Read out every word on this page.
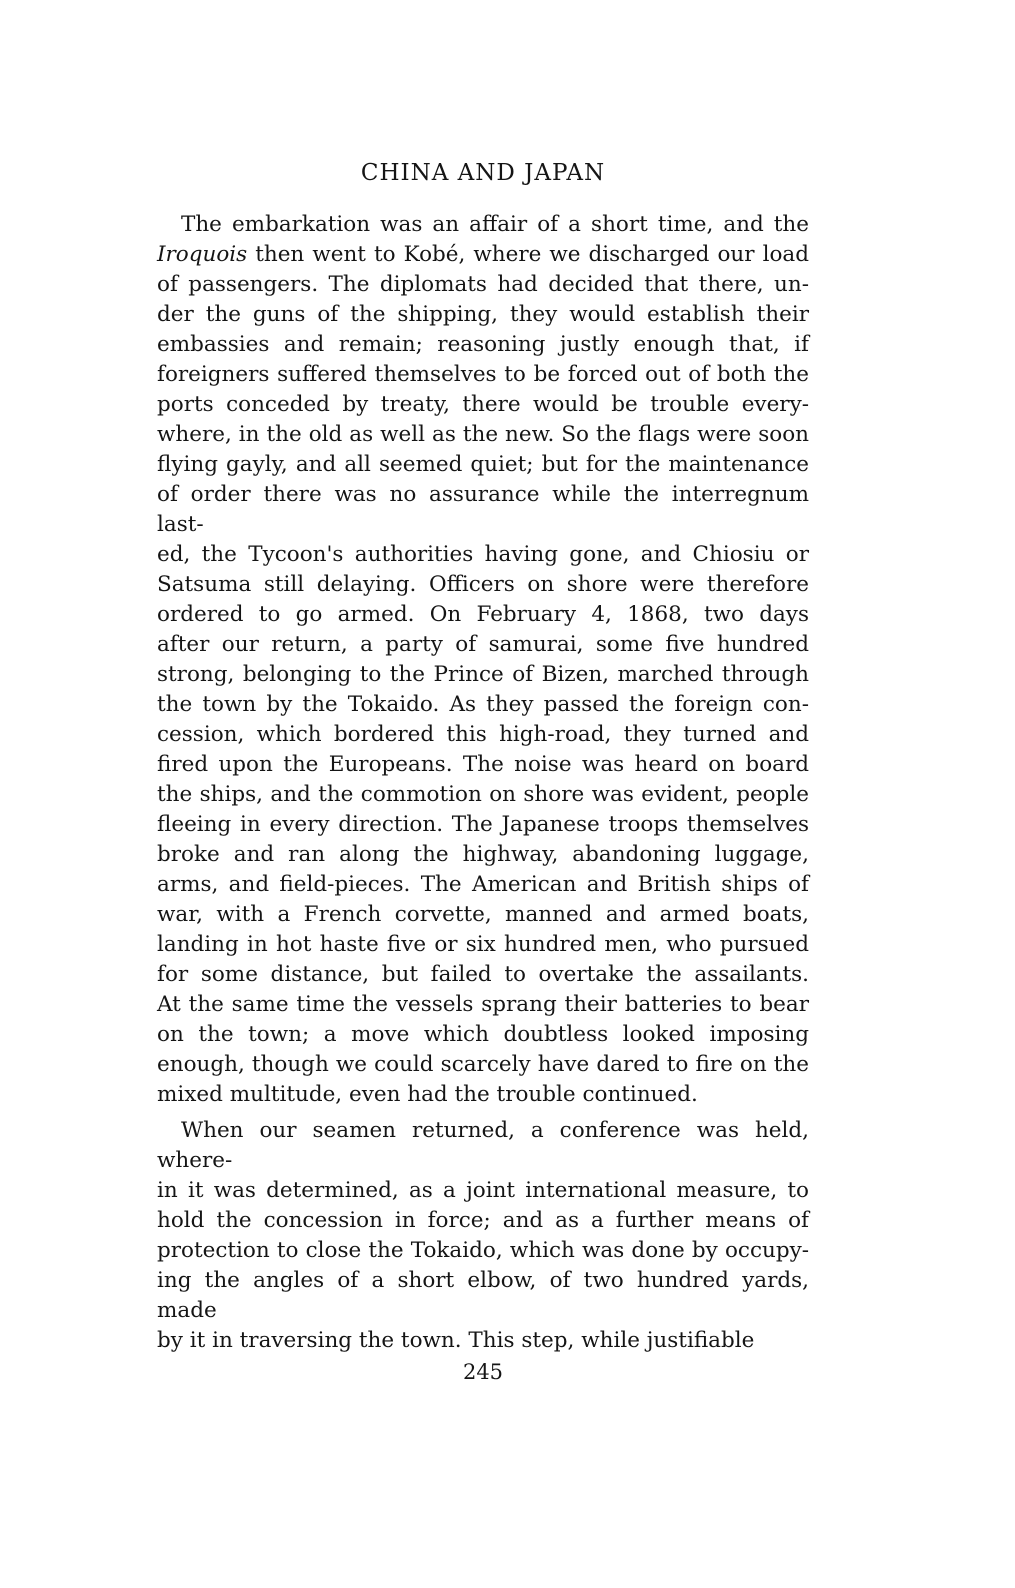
CHINA AND JAPAN
The embarkation was an affair of a short time, and the
Iroquois then went to Kobé, where we discharged our load
of passengers. The diplomats had decided that there, un-
der the guns of the shipping, they would establish their
embassies and remain; reasoning justly enough that, if
foreigners suffered themselves to be forced out of both the
ports conceded by treaty, there would be trouble every-
where, in the old as well as the new. So the flags were soon
flying gayly, and all seemed quiet; but for the maintenance
of order there was no assurance while the interregnum last-
ed, the Tycoon's authorities having gone, and Chiosiu or
Satsuma still delaying. Officers on shore were therefore
ordered to go armed. On February 4, 1868, two days
after our return, a party of samurai, some five hundred
strong, belonging to the Prince of Bizen, marched through
the town by the Tokaido. As they passed the foreign con-
cession, which bordered this high-road, they turned and
fired upon the Europeans. The noise was heard on board
the ships, and the commotion on shore was evident, people
fleeing in every direction. The Japanese troops themselves
broke and ran along the highway, abandoning luggage,
arms, and field-pieces. The American and British ships of
war, with a French corvette, manned and armed boats,
landing in hot haste five or six hundred men, who pursued
for some distance, but failed to overtake the assailants.
At the same time the vessels sprang their batteries to bear
on the town; a move which doubtless looked imposing
enough, though we could scarcely have dared to fire on the
mixed multitude, even had the trouble continued.
When our seamen returned, a conference was held, where-
in it was determined, as a joint international measure, to
hold the concession in force; and as a further means of
protection to close the Tokaido, which was done by occupy-
ing the angles of a short elbow, of two hundred yards, made
by it in traversing the town. This step, while justifiable
245
